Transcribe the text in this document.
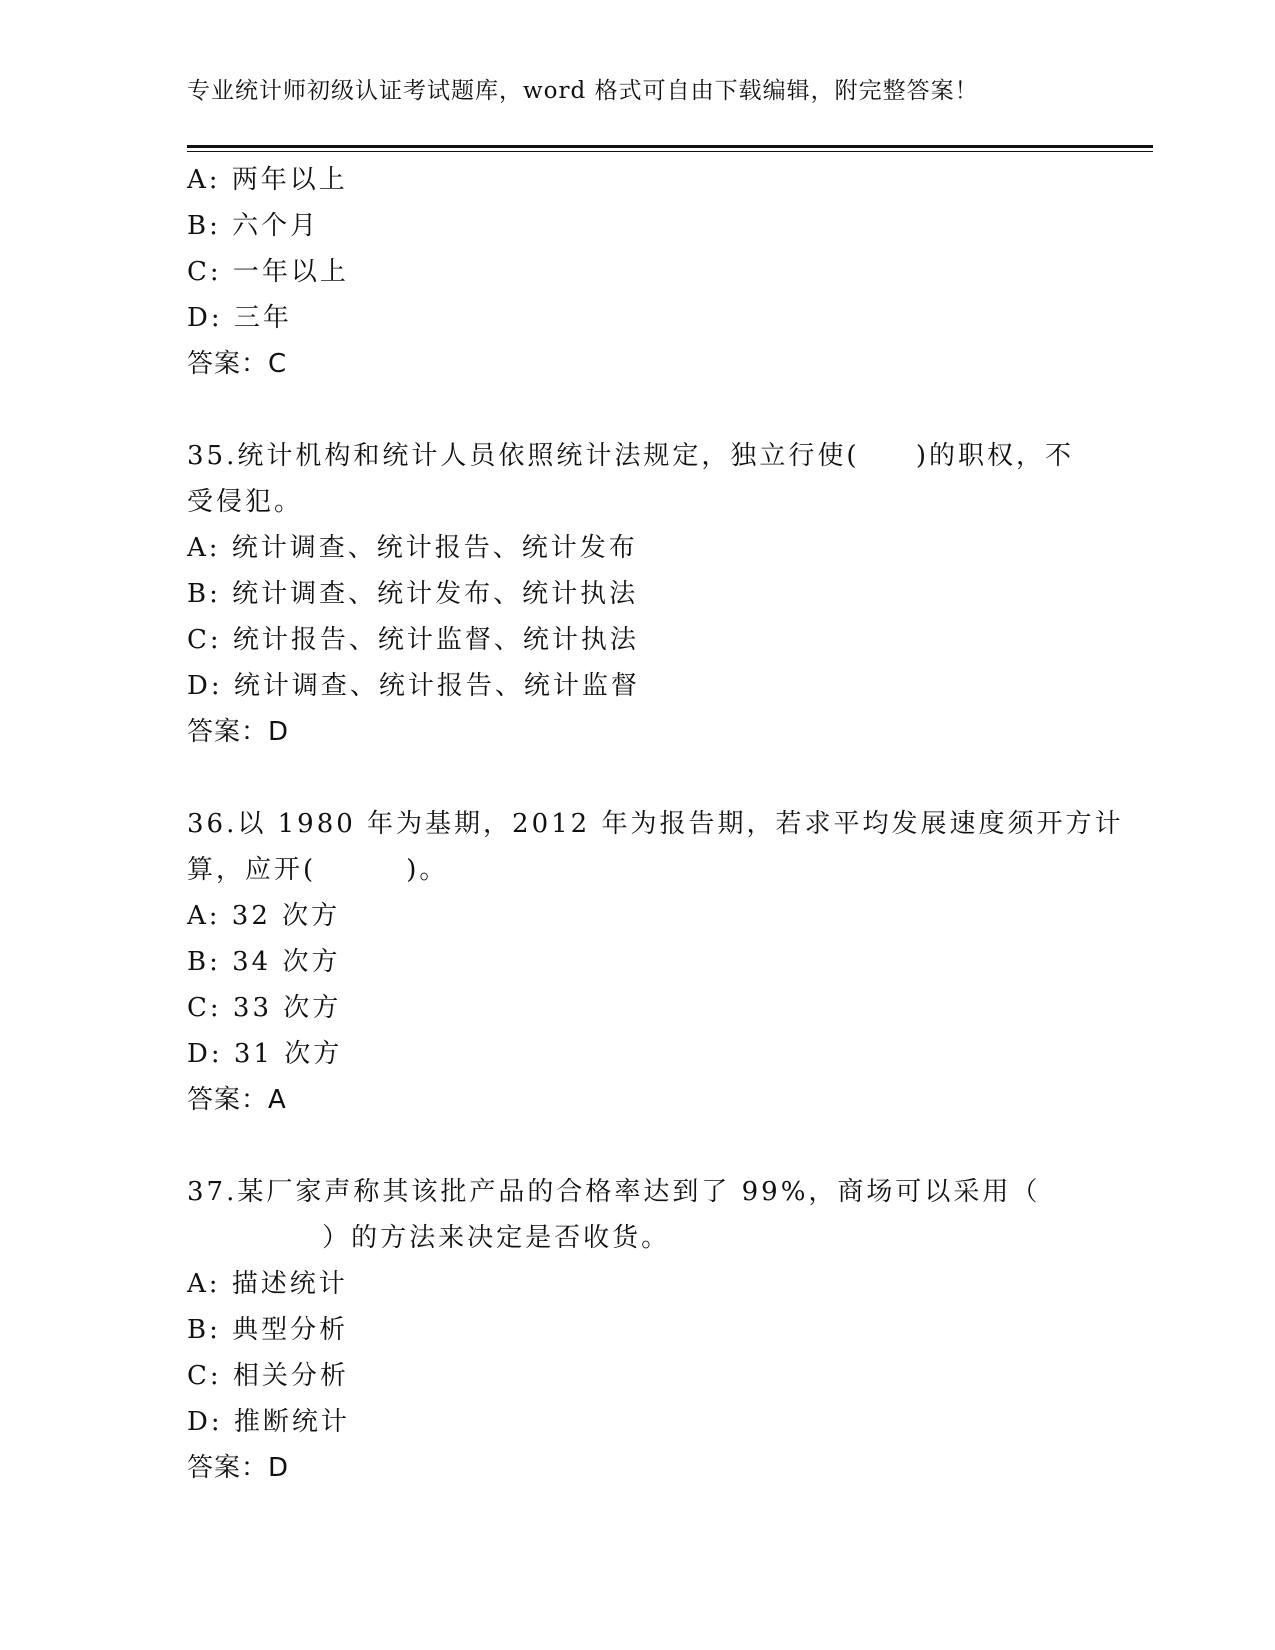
专业统计师初级认证考试题库，word 格式可自由下载编辑，附完整答案！
A: 两年以上
B: 六个月
C: 一年以上
D: 三年
答案：C
35.统计机构和统计人员依照统计法规定，独立行使(     )的职权，不
受侵犯。
A: 统计调查、统计报告、统计发布
B: 统计调查、统计发布、统计执法
C: 统计报告、统计监督、统计执法
D: 统计调查、统计报告、统计监督
答案：D
36.以 1980 年为基期，2012 年为报告期，若求平均发展速度须开方计
算，应开(        )。
A: 32 次方
B: 34 次方
C: 33 次方
D: 31 次方
答案：A
37.某厂家声称其该批产品的合格率达到了 99%，商场可以采用（
）的方法来决定是否收货。
A: 描述统计
B: 典型分析
C: 相关分析
D: 推断统计
答案：D
